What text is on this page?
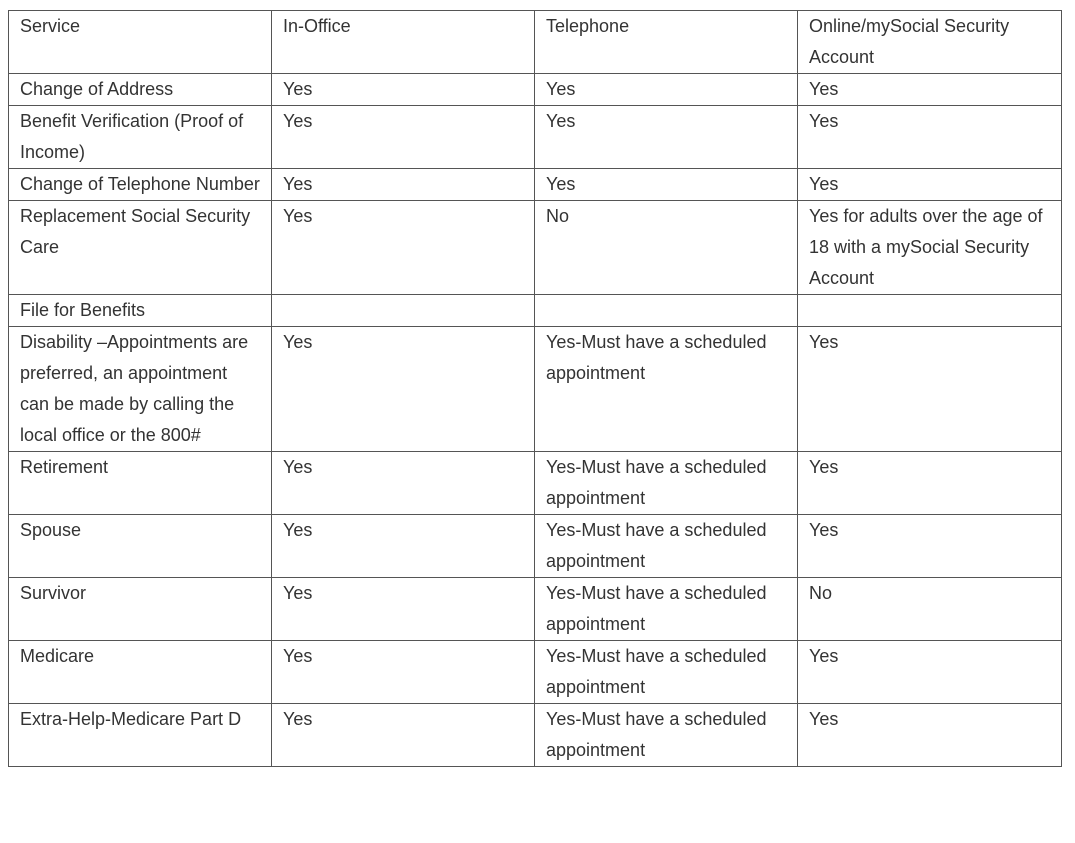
Service	In-Office	Telephone	Online/mySocial Security Account
Change of Address	Yes	Yes	Yes
Benefit Verification (Proof of Income)	Yes	Yes	Yes
Change of Telephone Number	Yes	Yes	Yes
Replacement Social Security Care	Yes	No	Yes for adults over the age of 18 with a mySocial Security Account
File for Benefits			
Disability –Appointments are preferred, an appointment can be made by calling the local office or the 800#	Yes	Yes-Must have a scheduled appointment	Yes
Retirement	Yes	Yes-Must have a scheduled appointment	Yes
Spouse	Yes	Yes-Must have a scheduled appointment	Yes
Survivor	Yes	Yes-Must have a scheduled appointment	No
Medicare	Yes	Yes-Must have a scheduled appointment	Yes
Extra-Help-Medicare Part D	Yes	Yes-Must have a scheduled appointment	Yes
